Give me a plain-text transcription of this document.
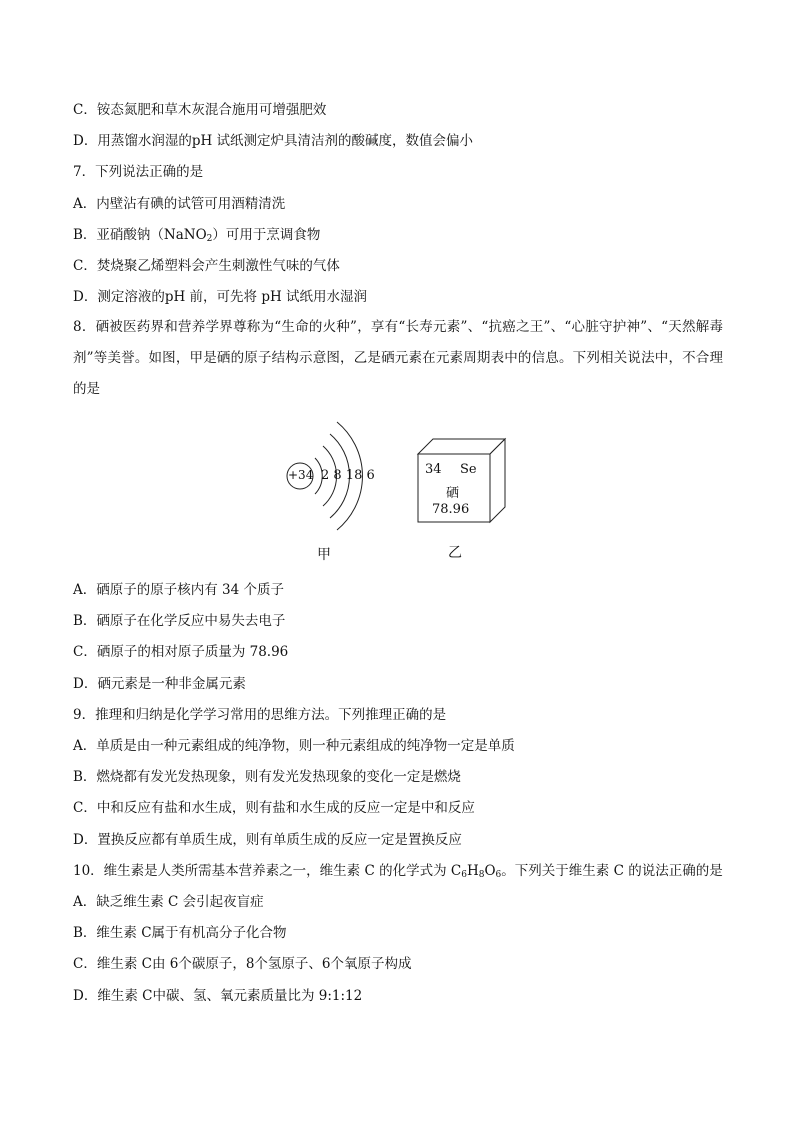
C．铵态氮肥和草木灰混合施用可增强肥效
D．用蒸馏水润湿的pH 试纸测定炉具清洁剂的酸碱度，数值会偏小
7．下列说法正确的是
A．内壁沾有碘的试管可用酒精清洗
B．亚硝酸钠（NaNO$_2$）可用于烹调食物
C．焚烧聚乙烯塑料会产生刺激性气味的气体
D．测定溶液的pH 前，可先将 pH 试纸用水湿润
8．硒被医药界和营养学界尊称为“生命的火种”，享有“长寿元素”、“抗癌之王”、“心脏守护神”、“天然解毒剂”等美誉。如图，甲是硒的原子结构示意图，乙是硒元素在元素周期表中的信息。下列相关说法中，不合理的是
+34 2 8 18 6	34 Se
硒
78.96
甲	乙
A．硒原子的原子核内有 34 个质子
B．硒原子在化学反应中易失去电子
C．硒原子的相对原子质量为 78.96
D．硒元素是一种非金属元素
9．推理和归纳是化学学习常用的思维方法。下列推理正确的是
A．单质是由一种元素组成的纯净物，则一种元素组成的纯净物一定是单质
B．燃烧都有发光发热现象，则有发光发热现象的变化一定是燃烧
C．中和反应有盐和水生成，则有盐和水生成的反应一定是中和反应
D．置换反应都有单质生成，则有单质生成的反应一定是置换反应
10．维生素是人类所需基本营养素之一，维生素 C 的化学式为 $C_6H_8O_6$。下列关于维生素 C 的说法正确的是
A．缺乏维生素 C 会引起夜盲症
B．维生素 C属于有机高分子化合物
C．维生素 C由 6个碳原子，8个氢原子、6个氧原子构成
D．维生素 C中碳、氢、氧元素质量比为 9:1:12
